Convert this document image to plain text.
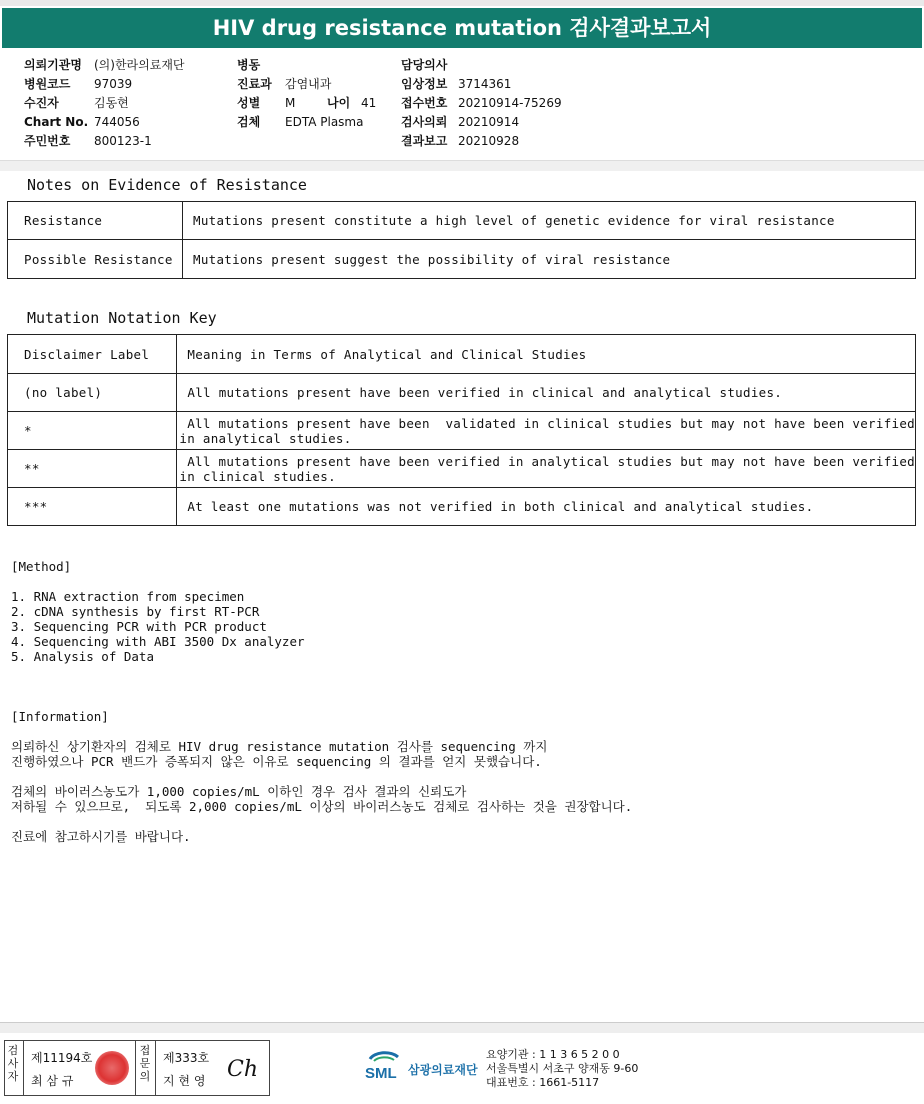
HIV drug resistance mutation 검사결과보고서
의뢰기관명 (의)한라의료재단
병원코드 97039
수진자	김동현
Chart No. 744056
주민번호 800123-1
병동
진료과 감염내과
성별 M	나이 41
검체 EDTA Plasma
담당의사
임상정보 3714361
접수번호 20210914-75269
검사의뢰 20210914
결과보고 20210928
Notes on Evidence of Resistance
Resistance	Mutations present constitute a high level of genetic evidence for viral resistance
Possible Resistance	Mutations present suggest the possibility of viral resistance
Mutation Notation Key
Disclaimer Label	Meaning in Terms of Analytical and Clinical Studies
(no label)	All mutations present have been verified in clinical and analytical studies.
*	All mutations present have been  validated in clinical studies but may not have been verified
in analytical studies.

**	All mutations present have been verified in analytical studies but may not have been verified
in clinical studies.

***	At least one mutations was not verified in both clinical and analytical studies.
[Method]
1. RNA extraction from specimen
2. cDNA synthesis by first RT-PCR
3. Sequencing PCR with PCR product
4. Sequencing with ABI 3500 Dx analyzer
5. Analysis of Data
[Information]
의뢰하신 상기환자의 검체로 HIV drug resistance mutation 검사를 sequencing 까지
진행하였으나 PCR 밴드가 증폭되지 않은 이유로 sequencing 의 결과를 얻지 못했습니다.
검체의 바이러스농도가 1,000 copies/mL 이하인 경우 검사 결과의 신뢰도가
저하될 수 있으므로,  되도록 2,000 copies/mL 이상의 바이러스농도 검체로 검사하는 것을 권장합니다.
진료에 참고하시기를 바랍니다.
검
사
자
제11194호
최 삼 규
접
문
의
제333호
지 현 영 Ch	SML 삼광의료재단
요양기관 : 1 1 3 6 5 2 0 0
서울특별시 서초구 양재동 9-60
대표번호 : 1661-5117
